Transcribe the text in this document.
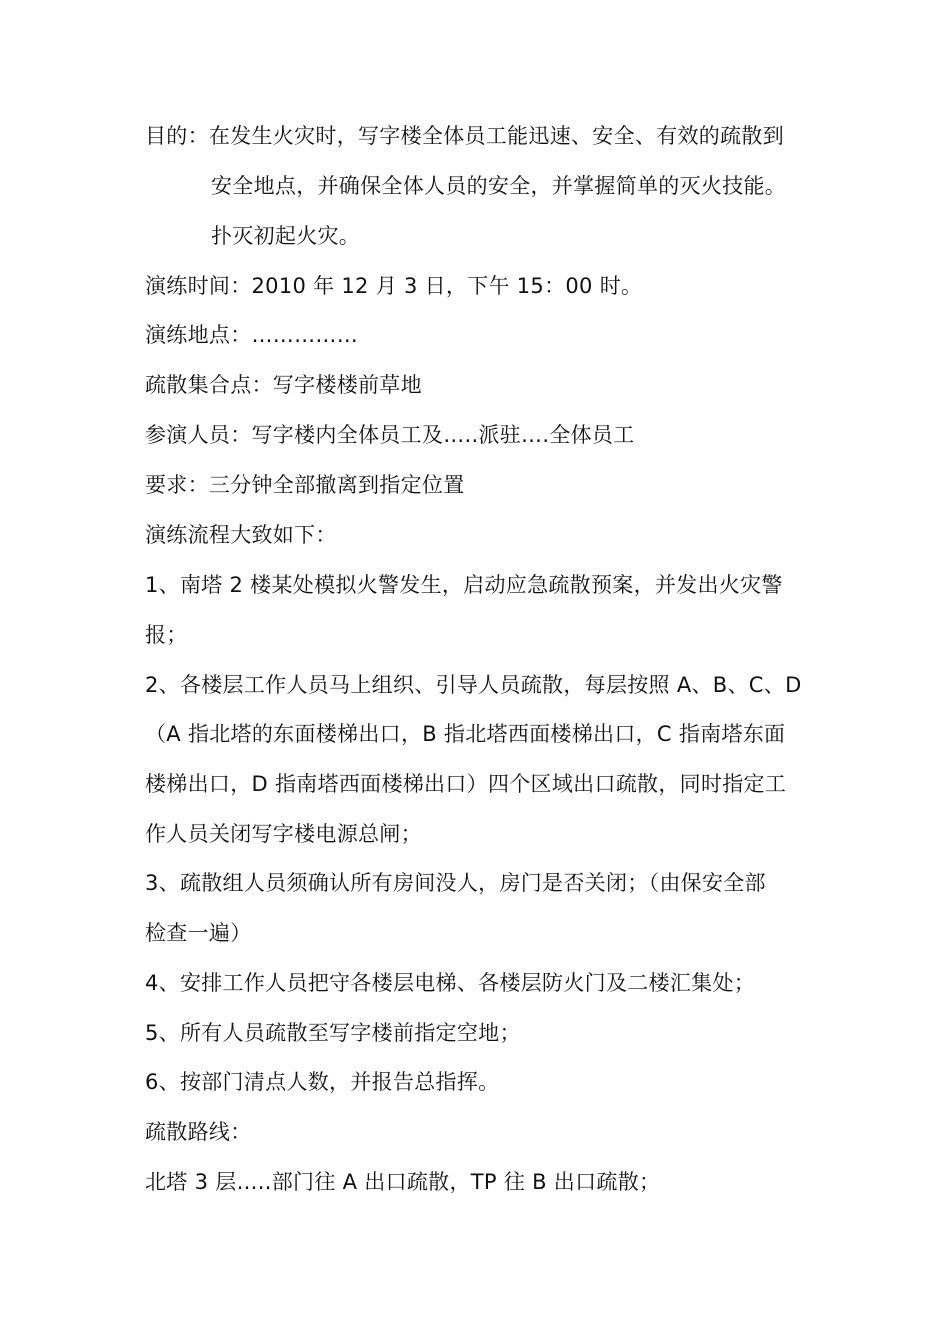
目的：在发生火灾时，写字楼全体员工能迅速、安全、有效的疏散到
安全地点，并确保全体人员的安全，并掌握简单的灭火技能。
扑灭初起火灾。
演练时间：2010 年 12 月 3 日，下午 15：00 时。
演练地点：……………
疏散集合点：写字楼楼前草地
参演人员：写字楼内全体员工及…..派驻….全体员工
要求：三分钟全部撤离到指定位置
演练流程大致如下：
1、南塔 2 楼某处模拟火警发生，启动应急疏散预案，并发出火灾警
报；
2、各楼层工作人员马上组织、引导人员疏散，每层按照 A、B、C、D
（A 指北塔的东面楼梯出口，B 指北塔西面楼梯出口，C 指南塔东面
楼梯出口，D 指南塔西面楼梯出口）四个区域出口疏散，同时指定工
作人员关闭写字楼电源总闸；
3、疏散组人员须确认所有房间没人，房门是否关闭；（由保安全部
检查一遍）
4、安排工作人员把守各楼层电梯、各楼层防火门及二楼汇集处；
5、所有人员疏散至写字楼前指定空地；
6、按部门清点人数，并报告总指挥。
疏散路线：
北塔 3 层…..部门往 A 出口疏散，TP 往 B 出口疏散；
